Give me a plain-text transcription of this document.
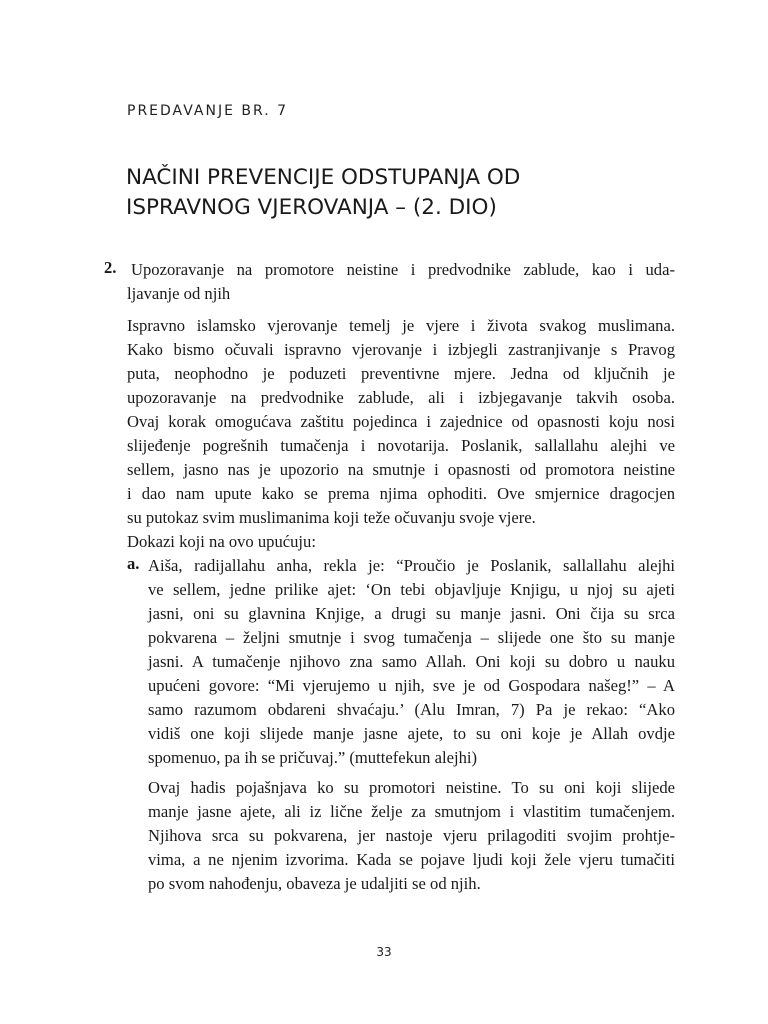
PREDAVANJE BR. 7
NAČINI PREVENCIJE ODSTUPANJA OD
ISPRAVNOG VJEROVANJA – (2. DIO)
2. Upozoravanje na promotore neistine i predvodnike zablude, kao i uda-
ljavanje od njih
Ispravno islamsko vjerovanje temelj je vjere i života svakog muslimana.
Kako bismo očuvali ispravno vjerovanje i izbjegli zastranjivanje s Pravog
puta, neophodno je poduzeti preventivne mjere. Jedna od ključnih je
upozoravanje na predvodnike zablude, ali i izbjegavanje takvih osoba.
Ovaj korak omogućava zaštitu pojedinca i zajednice od opasnosti koju nosi
slijeđenje pogrešnih tumačenja i novotarija. Poslanik, sallallahu alejhi ve
sellem, jasno nas je upozorio na smutnje i opasnosti od promotora neistine
i dao nam upute kako se prema njima ophoditi. Ove smjernice dragocjen
su putokaz svim muslimanima koji teže očuvanju svoje vjere.
Dokazi koji na ovo upućuju:
a. Aiša, radijallahu anha, rekla je: “Proučio je Poslanik, sallallahu alejhi
ve sellem, jedne prilike ajet: ‘On tebi objavljuje Knjigu, u njoj su ajeti
jasni, oni su glavnina Knjige, a drugi su manje jasni. Oni čija su srca
pokvarena – željni smutnje i svog tumačenja – slijede one što su manje
jasni. A tumačenje njihovo zna samo Allah. Oni koji su dobro u nauku
upućeni govore: “Mi vjerujemo u njih, sve je od Gospodara našeg!” – A
samo razumom obdareni shvaćaju.’ (Alu Imran, 7) Pa je rekao: “Ako
vidiš one koji slijede manje jasne ajete, to su oni koje je Allah ovdje
spomenuo, pa ih se pričuvaj.” (muttefekun alejhi)
Ovaj hadis pojašnjava ko su promotori neistine. To su oni koji slijede
manje jasne ajete, ali iz lične želje za smutnjom i vlastitim tumačenjem.
Njihova srca su pokvarena, jer nastoje vjeru prilagoditi svojim prohtje-
vima, a ne njenim izvorima. Kada se pojave ljudi koji žele vjeru tumačiti
po svom nahođenju, obaveza je udaljiti se od njih.
33
